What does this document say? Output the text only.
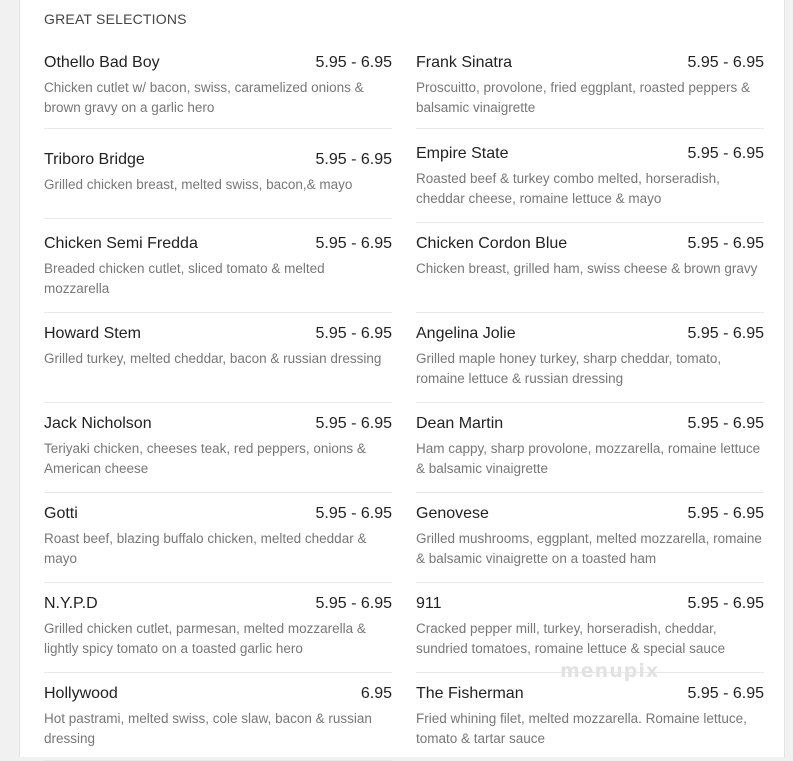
GREAT SELECTIONS
Othello Bad Boy	5.95 - 6.95
Chicken cutlet w/ bacon, swiss, caramelized onions & brown gravy on a garlic hero
Triboro Bridge	5.95 - 6.95
Grilled chicken breast, melted swiss, bacon,& mayo
Chicken Semi Fredda	5.95 - 6.95
Breaded chicken cutlet, sliced tomato & melted mozzarella
Howard Stem	5.95 - 6.95
Grilled turkey, melted cheddar, bacon & russian dressing
Jack Nicholson	5.95 - 6.95
Teriyaki chicken, cheeses teak, red peppers, onions & American cheese
Gotti	5.95 - 6.95
Roast beef, blazing buffalo chicken, melted cheddar & mayo
N.Y.P.D	5.95 - 6.95
Grilled chicken cutlet, parmesan, melted mozzarella & lightly spicy tomato on a toasted garlic hero
Hollywood	6.95
Hot pastrami, melted swiss, cole slaw, bacon & russian dressing
Frank Sinatra	5.95 - 6.95
Proscuitto, provolone, fried eggplant, roasted peppers & balsamic vinaigrette
Empire State	5.95 - 6.95
Roasted beef & turkey combo melted, horseradish, cheddar cheese, romaine lettuce & mayo
Chicken Cordon Blue	5.95 - 6.95
Chicken breast, grilled ham, swiss cheese & brown gravy
Angelina Jolie	5.95 - 6.95
Grilled maple honey turkey, sharp cheddar, tomato, romaine lettuce & russian dressing
Dean Martin	5.95 - 6.95
Ham cappy, sharp provolone, mozzarella, romaine lettuce & balsamic vinaigrette
Genovese	5.95 - 6.95
Grilled mushrooms, eggplant, melted mozzarella, romaine & balsamic vinaigrette on a toasted ham
911	5.95 - 6.95
Cracked pepper mill, turkey, horseradish, cheddar, sundried tomatoes, romaine lettuce & special sauce
The Fisherman	5.95 - 6.95
Fried whining filet, melted mozzarella. Romaine lettuce, tomato & tartar sauce
menupix
